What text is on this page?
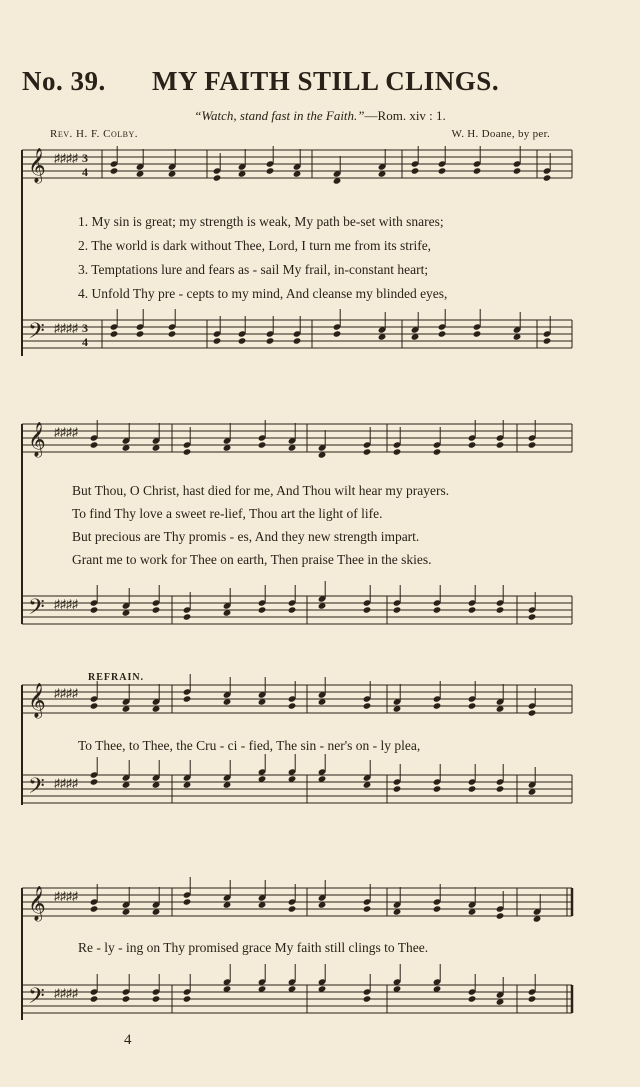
No. 39. MY FAITH STILL CLINGS.
“Watch, stand fast in the Faith.”—Rom. xiv : 1.
Rev. H. F. Colby.	W. H. Doane, by per.
𝄞 ♯♯♯♯ 3
4
𝄢 ♯♯♯♯ 3
4
𝄞 ♯♯♯♯
𝄢 ♯♯♯♯
𝄞 ♯♯♯♯
𝄢 ♯♯♯♯
𝄞 ♯♯♯♯
𝄢 ♯♯♯♯
1. My sin is great; my strength is weak, My path be-set with snares;
2. The world is dark without Thee, Lord, I turn me from its strife,
3. Temptations lure and fears as - sail My frail, in-constant heart;
4. Unfold Thy pre - cepts to my mind, And cleanse my blinded eyes,
But Thou, O Christ, hast died for me, And Thou wilt hear my prayers.
To find Thy love a sweet re-lief, Thou art the light of life.
But precious are Thy promis - es, And they new strength impart.
Grant me to work for Thee on earth, Then praise Thee in the skies.
REFRAIN.
To Thee, to Thee, the Cru - ci - fied, The sin - ner's on - ly plea,
Re - ly - ing on Thy promised grace My faith still clings to Thee.
4
